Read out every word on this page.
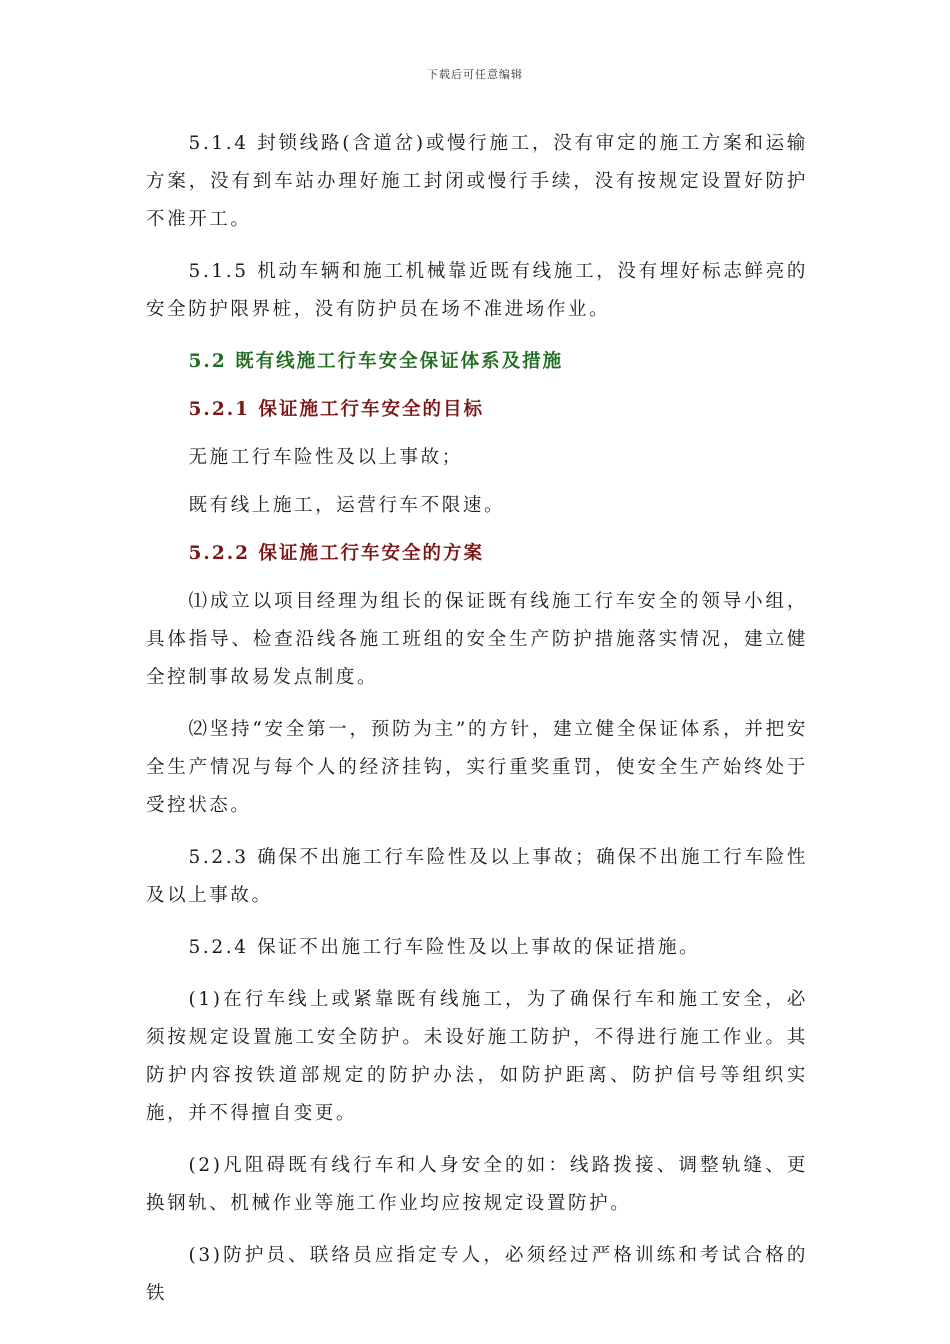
下载后可任意编辑

5.1.4 封锁线路(含道岔)或慢行施工，没有审定的施工方案和运输方案，没有到车站办理好施工封闭或慢行手续，没有按规定设置好防护不准开工。

5.1.5 机动车辆和施工机械靠近既有线施工，没有埋好标志鲜亮的安全防护限界桩，没有防护员在场不准进场作业。

5.2 既有线施工行车安全保证体系及措施

5.2.1 保证施工行车安全的目标

无施工行车险性及以上事故；

既有线上施工，运营行车不限速。

5.2.2 保证施工行车安全的方案

⑴成立以项目经理为组长的保证既有线施工行车安全的领导小组，具体指导、检查沿线各施工班组的安全生产防护措施落实情况，建立健全控制事故易发点制度。

⑵坚持“安全第一，预防为主”的方针，建立健全保证体系，并把安全生产情况与每个人的经济挂钩，实行重奖重罚，使安全生产始终处于受控状态。

5.2.3 确保不出施工行车险性及以上事故；确保不出施工行车险性及以上事故。

5.2.4 保证不出施工行车险性及以上事故的保证措施。

(1)在行车线上或紧靠既有线施工，为了确保行车和施工安全，必须按规定设置施工安全防护。未设好施工防护，不得进行施工作业。其防护内容按铁道部规定的防护办法，如防护距离、防护信号等组织实施，并不得擅自变更。

(2)凡阻碍既有线行车和人身安全的如：线路拨接、调整轨缝、更换钢轨、机械作业等施工作业均应按规定设置防护。

(3)防护员、联络员应指定专人，必须经过严格训练和考试合格的铁
